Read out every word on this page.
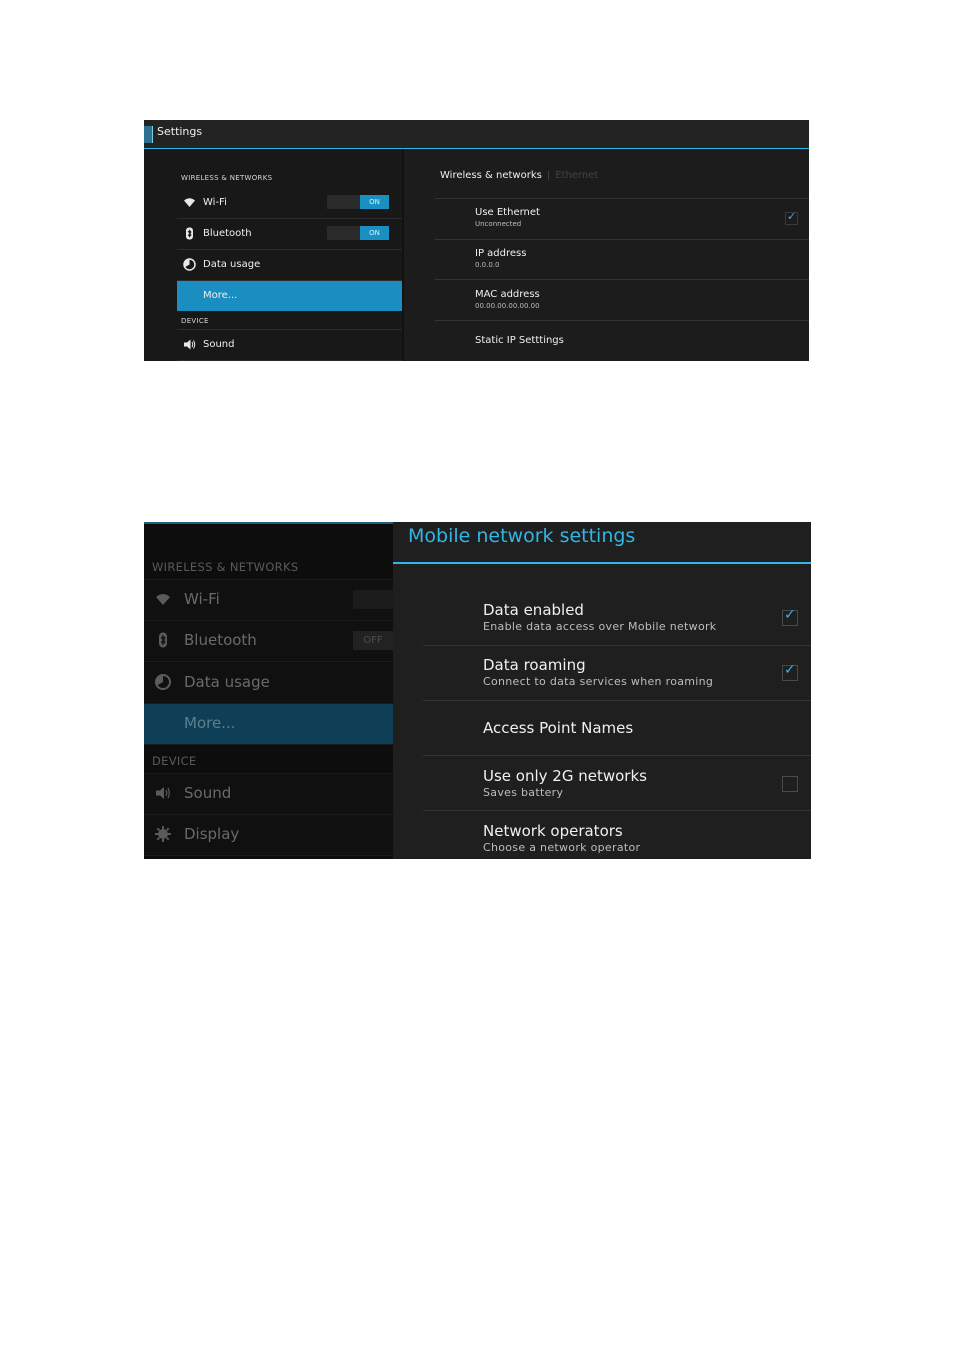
Settings
WIRELESS & NETWORKS
Wi-Fi	ON
Bluetooth	ON
Data usage
More...
DEVICE
Sound
Wireless & networks | Ethernet
Use Ethernet
Unconnected
✓
IP address
0.0.0.0
MAC address
00.00.00.00.00.00
Static IP Setttings
WIRELESS & NETWORKS
Wi-Fi
Bluetooth	OFF
Data usage
More...
DEVICE
Sound
Display
Mobile network settings
Data enabled
Enable data access over Mobile network
✓
Data roaming
Connect to data services when roaming
✓
Access Point Names
Use only 2G networks
Saves battery
Network operators
Choose a network operator
